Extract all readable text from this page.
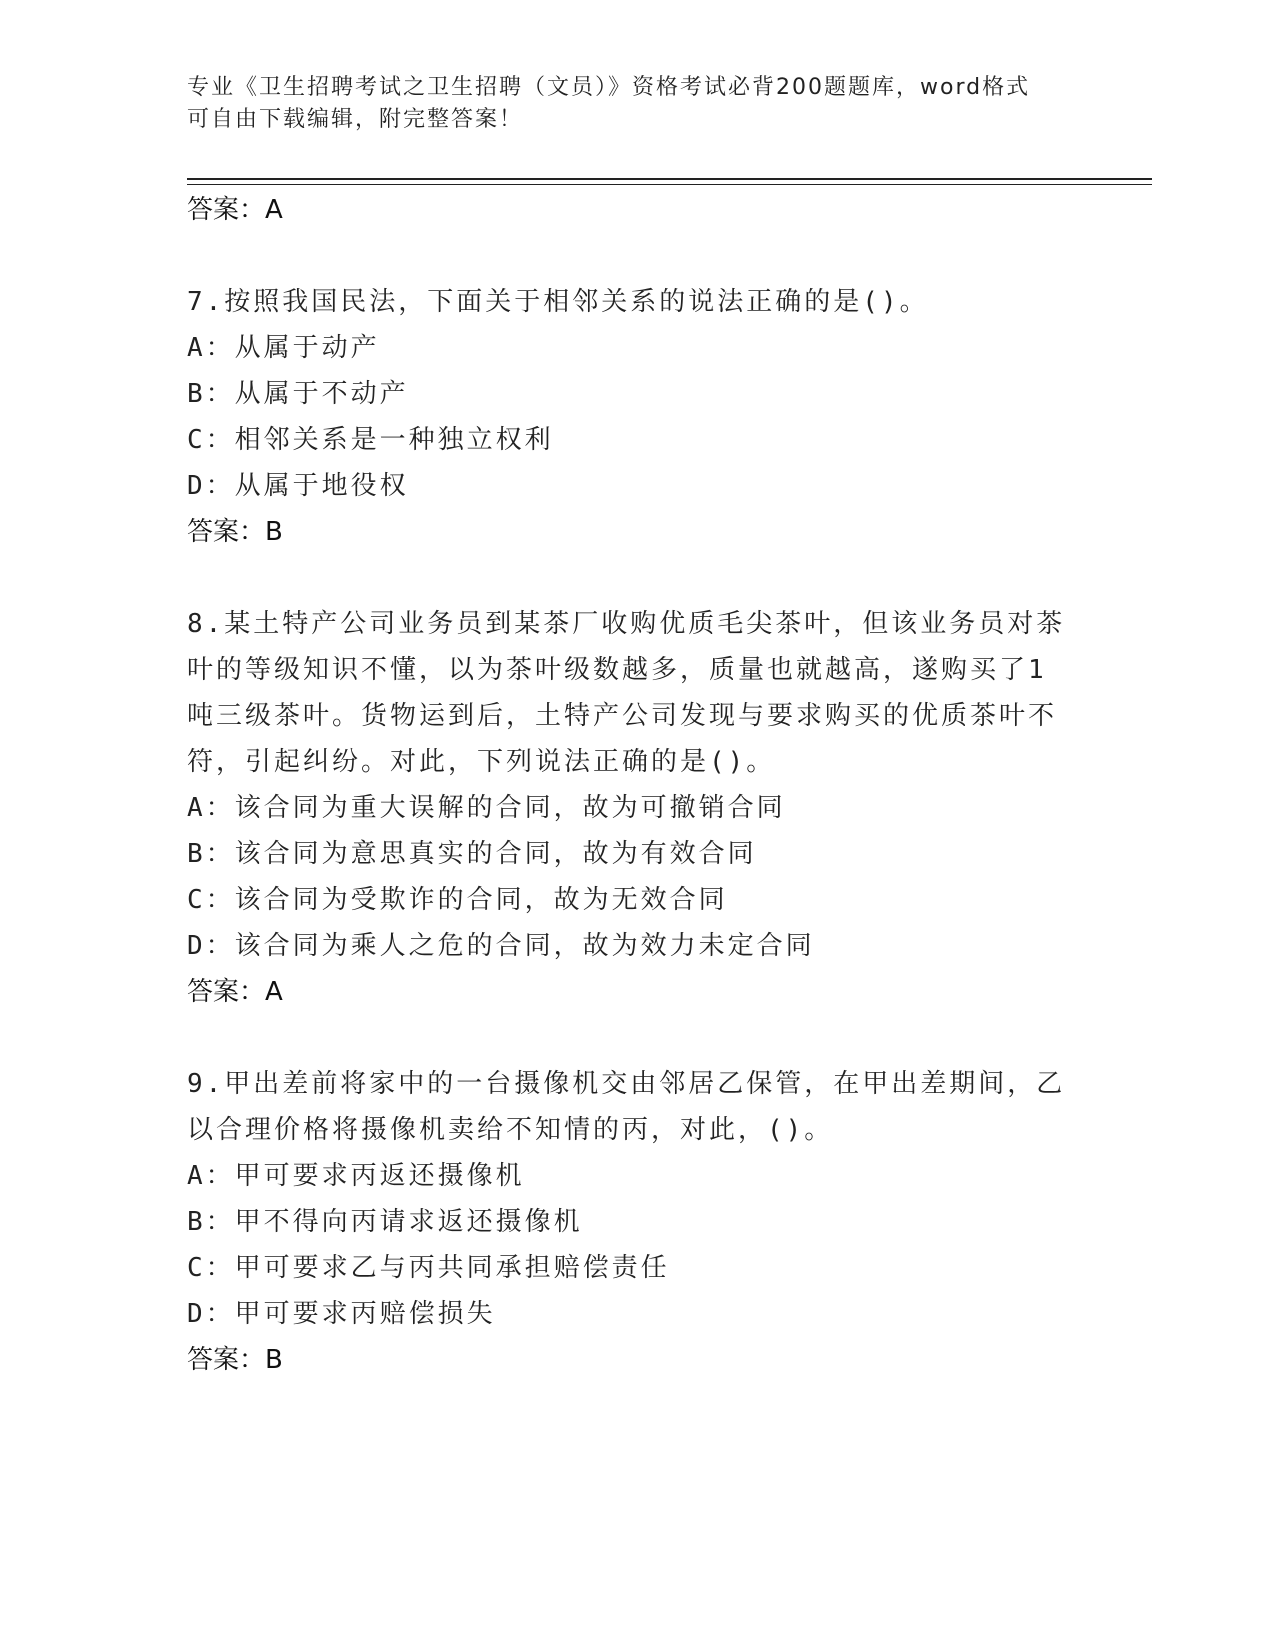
专业《卫生招聘考试之卫生招聘（文员）》资格考试必背200题题库，word格式
可自由下载编辑，附完整答案！
答案：A
7.按照我国民法，下面关于相邻关系的说法正确的是()。
A：从属于动产
B：从属于不动产
C：相邻关系是一种独立权利
D：从属于地役权
答案：B
8.某土特产公司业务员到某茶厂收购优质毛尖茶叶，但该业务员对茶
叶的等级知识不懂，以为茶叶级数越多，质量也就越高，遂购买了1
吨三级茶叶。货物运到后，土特产公司发现与要求购买的优质茶叶不
符，引起纠纷。对此，下列说法正确的是()。
A：该合同为重大误解的合同，故为可撤销合同
B：该合同为意思真实的合同，故为有效合同
C：该合同为受欺诈的合同，故为无效合同
D：该合同为乘人之危的合同，故为效力未定合同
答案：A
9.甲出差前将家中的一台摄像机交由邻居乙保管，在甲出差期间，乙
以合理价格将摄像机卖给不知情的丙，对此，()。
A：甲可要求丙返还摄像机
B：甲不得向丙请求返还摄像机
C：甲可要求乙与丙共同承担赔偿责任
D：甲可要求丙赔偿损失
答案：B
